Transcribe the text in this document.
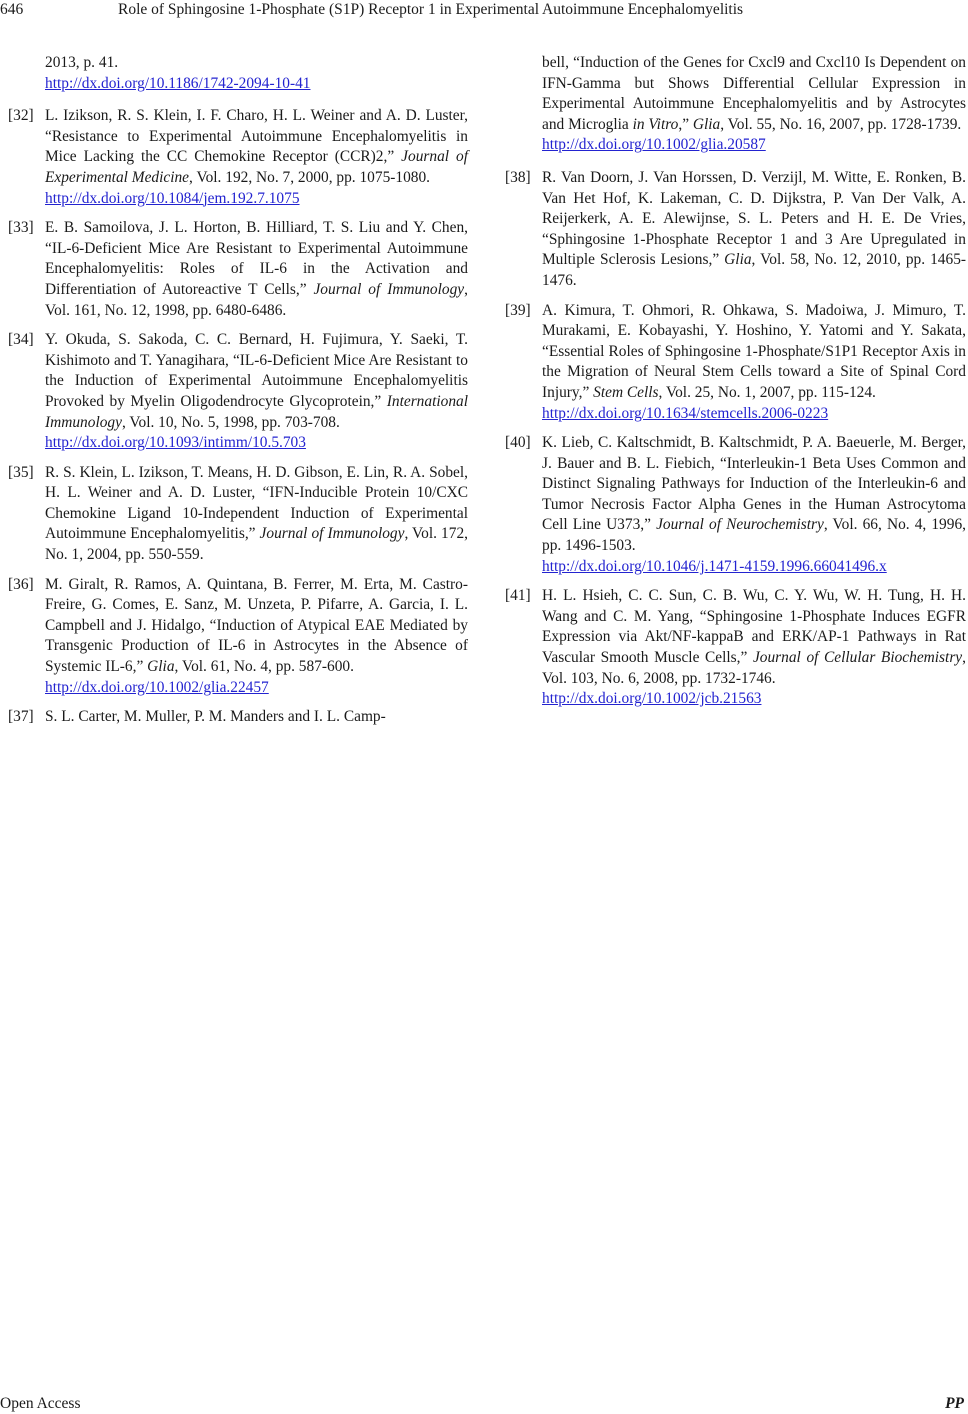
646	Role of Sphingosine 1-Phosphate (S1P) Receptor 1 in Experimental Autoimmune Encephalomyelitis
2013, p. 41.
http://dx.doi.org/10.1186/1742-2094-10-41
[32] L. Izikson, R. S. Klein, I. F. Charo, H. L. Weiner and A. D. Luster, “Resistance to Experimental Autoimmune Encephalomyelitis in Mice Lacking the CC Chemokine Receptor (CCR)2,” Journal of Experimental Medicine, Vol. 192, No. 7, 2000, pp. 1075-1080.
http://dx.doi.org/10.1084/jem.192.7.1075
[33] E. B. Samoilova, J. L. Horton, B. Hilliard, T. S. Liu and Y. Chen, “IL-6-Deficient Mice Are Resistant to Experimental Autoimmune Encephalomyelitis: Roles of IL-6 in the Activation and Differentiation of Autoreactive T Cells,” Journal of Immunology, Vol. 161, No. 12, 1998, pp. 6480-6486.
[34] Y. Okuda, S. Sakoda, C. C. Bernard, H. Fujimura, Y. Saeki, T. Kishimoto and T. Yanagihara, “IL-6-Deficient Mice Are Resistant to the Induction of Experimental Autoimmune Encephalomyelitis Provoked by Myelin Oligodendrocyte Glycoprotein,” International Immunology, Vol. 10, No. 5, 1998, pp. 703-708.
http://dx.doi.org/10.1093/intimm/10.5.703
[35] R. S. Klein, L. Izikson, T. Means, H. D. Gibson, E. Lin, R. A. Sobel, H. L. Weiner and A. D. Luster, “IFN-Inducible Protein 10/CXC Chemokine Ligand 10-Independent Induction of Experimental Autoimmune Encephalomyelitis,” Journal of Immunology, Vol. 172, No. 1, 2004, pp. 550-559.
[36] M. Giralt, R. Ramos, A. Quintana, B. Ferrer, M. Erta, M. Castro-Freire, G. Comes, E. Sanz, M. Unzeta, P. Pifarre, A. Garcia, I. L. Campbell and J. Hidalgo, “Induction of Atypical EAE Mediated by Transgenic Production of IL-6 in Astrocytes in the Absence of Systemic IL-6,” Glia, Vol. 61, No. 4, pp. 587-600.
http://dx.doi.org/10.1002/glia.22457
[37] S. L. Carter, M. Muller, P. M. Manders and I. L. Camp-
bell, “Induction of the Genes for Cxcl9 and Cxcl10 Is Dependent on IFN-Gamma but Shows Differential Cellular Expression in Experimental Autoimmune Encephalomyelitis and by Astrocytes and Microglia in Vitro,” Glia, Vol. 55, No. 16, 2007, pp. 1728-1739.
http://dx.doi.org/10.1002/glia.20587
[38] R. Van Doorn, J. Van Horssen, D. Verzijl, M. Witte, E. Ronken, B. Van Het Hof, K. Lakeman, C. D. Dijkstra, P. Van Der Valk, A. Reijerkerk, A. E. Alewijnse, S. L. Peters and H. E. De Vries, “Sphingosine 1-Phosphate Receptor 1 and 3 Are Upregulated in Multiple Sclerosis Lesions,” Glia, Vol. 58, No. 12, 2010, pp. 1465-1476.
[39] A. Kimura, T. Ohmori, R. Ohkawa, S. Madoiwa, J. Mimuro, T. Murakami, E. Kobayashi, Y. Hoshino, Y. Yatomi and Y. Sakata, “Essential Roles of Sphingosine 1-Phosphate/S1P1 Receptor Axis in the Migration of Neural Stem Cells toward a Site of Spinal Cord Injury,” Stem Cells, Vol. 25, No. 1, 2007, pp. 115-124.
http://dx.doi.org/10.1634/stemcells.2006-0223
[40] K. Lieb, C. Kaltschmidt, B. Kaltschmidt, P. A. Baeuerle, M. Berger, J. Bauer and B. L. Fiebich, “Interleukin-1 Beta Uses Common and Distinct Signaling Pathways for Induction of the Interleukin-6 and Tumor Necrosis Factor Alpha Genes in the Human Astrocytoma Cell Line U373,” Journal of Neurochemistry, Vol. 66, No. 4, 1996, pp. 1496-1503.
http://dx.doi.org/10.1046/j.1471-4159.1996.66041496.x
[41] H. L. Hsieh, C. C. Sun, C. B. Wu, C. Y. Wu, W. H. Tung, H. H. Wang and C. M. Yang, “Sphingosine 1-Phosphate Induces EGFR Expression via Akt/NF-kappaB and ERK/AP-1 Pathways in Rat Vascular Smooth Muscle Cells,” Journal of Cellular Biochemistry, Vol. 103, No. 6, 2008, pp. 1732-1746.
http://dx.doi.org/10.1002/jcb.21563
Open Access	PP
